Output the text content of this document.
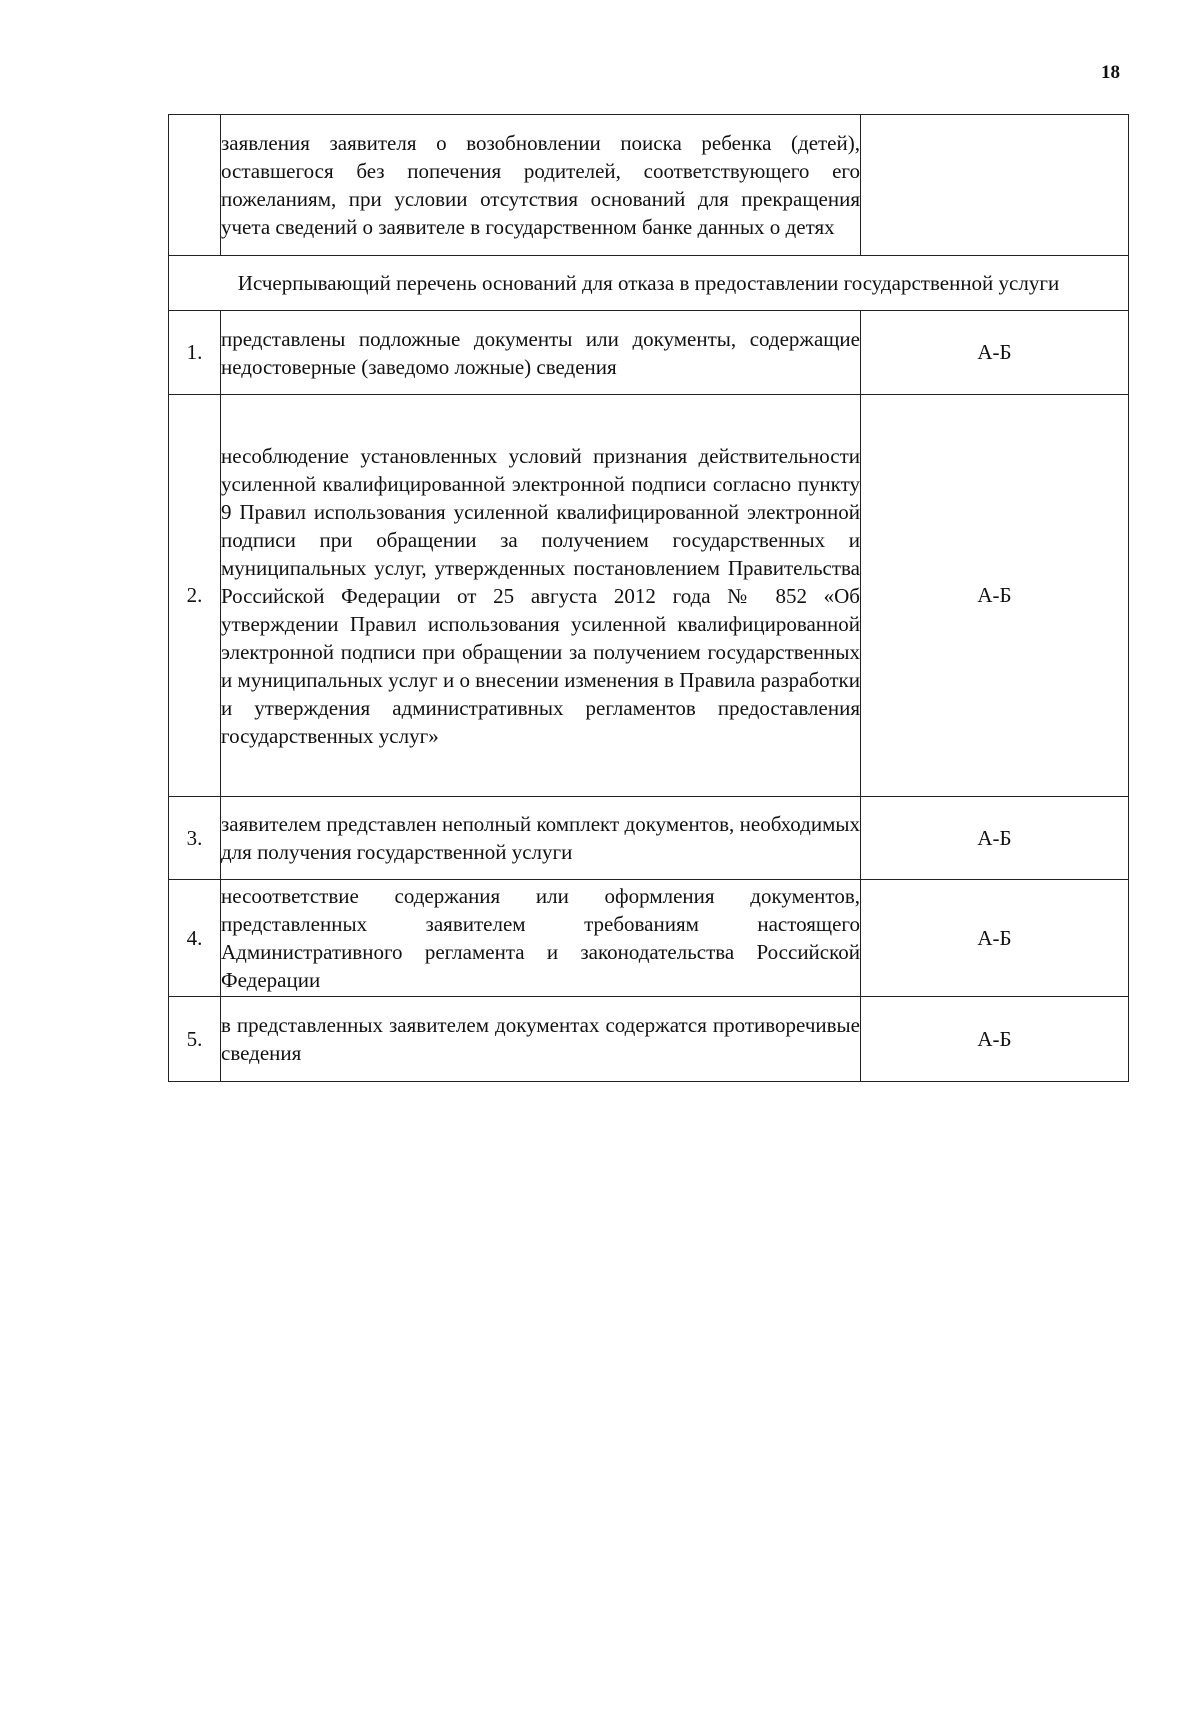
18
	заявления заявителя о возобновлении поиска ребенка (детей), оставшегося без попечения родителей, соответствующего его пожеланиям, при условии отсутствия оснований для прекращения учета сведений о заявителе в государственном банке данных о детях	
Исчерпывающий перечень оснований для отказа в предоставлении государственной услуги		
1.	представлены подложные документы или документы, содержащие недостоверные (заведомо ложные) сведения	А-Б
2.	несоблюдение установленных условий признания действительности усиленной квалифицированной электронной подписи согласно пункту 9 Правил использования усиленной квалифицированной электронной подписи при обращении за получением государственных и муниципальных услуг, утвержденных постановлением Правительства Российской Федерации от 25 августа 2012 года № 852 «Об утверждении Правил использования усиленной квалифицированной электронной подписи при обращении за получением государственных и муниципальных услуг и о внесении изменения в Правила разработки и утверждения административных регламентов предоставления государственных услуг»	А-Б
3.	заявителем представлен неполный комплект документов, необходимых для получения государственной услуги	А-Б
4.	несоответствие содержания или оформления документов, представленных заявителем требованиям настоящего Административного регламента и законодательства Российской Федерации	А-Б
5.	в представленных заявителем документах содержатся противоречивые сведения	А-Б
